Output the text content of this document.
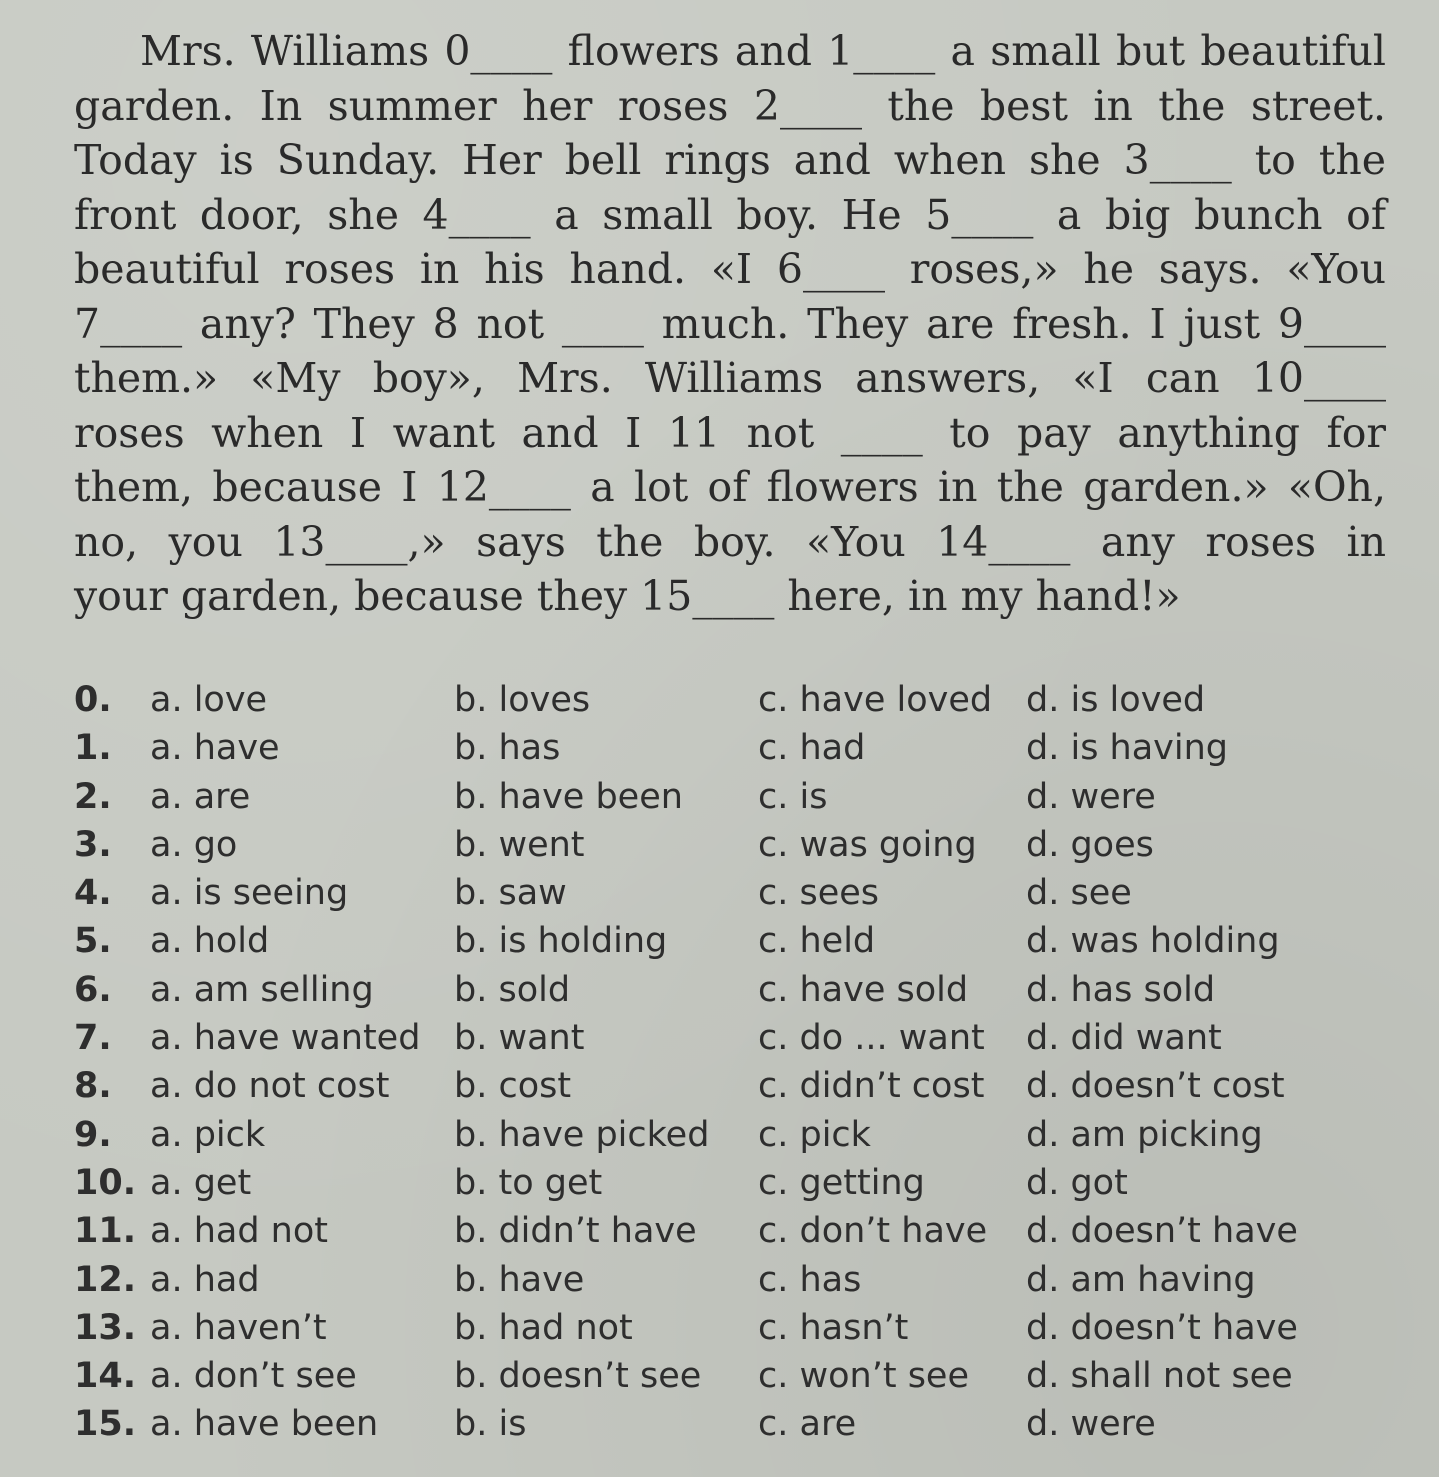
Mrs. Williams 0____ flowers and 1____ a small but beautiful
garden. In summer her roses 2____ the best in the street.
Today is Sunday. Her bell rings and when she 3____ to the
front door, she 4____ a small boy. He 5____ a big bunch of
beautiful roses in his hand. «I 6____ roses,» he says. «You
7____ any? They 8 not ____ much. They are fresh. I just 9____
them.» «My boy», Mrs. Williams answers, «I can 10____
roses when I want and I 11 not ____ to pay anything for
them, because I 12____ a lot of flowers in the garden.» «Oh,
no, you 13____,» says the boy. «You 14____ any roses in
your garden, because they 15____ here, in my hand!»
0. a. love	b. loves	c. have loved d. is loved
1. a. have	b. has	c. had	d. is having
2. a. are	b. have been c. is	d. were
3. a. go	b. went	c. was going d. goes
4. a. is seeing	b. saw	c. sees	d. see
5. a. hold	b. is holding	c. held	d. was holding
6. a. am selling b. sold	c. have sold d. has sold
7. a. have wanted b. want	c. do ... want d. did want
8. a. do not cost b. cost	c. didn’t cost d. doesn’t cost
9. a. pick	b. have picked c. pick	d. am picking
10. a. get	b. to get	c. getting	d. got
11. a. had not	b. didn’t have c. don’t have d. doesn’t have
12. a. had	b. have	c. has	d. am having
13. a. haven’t	b. had not	c. hasn’t	d. doesn’t have
14. a. don’t see	b. doesn’t see c. won’t see d. shall not see
15. a. have been b. is	c. are	d. were
